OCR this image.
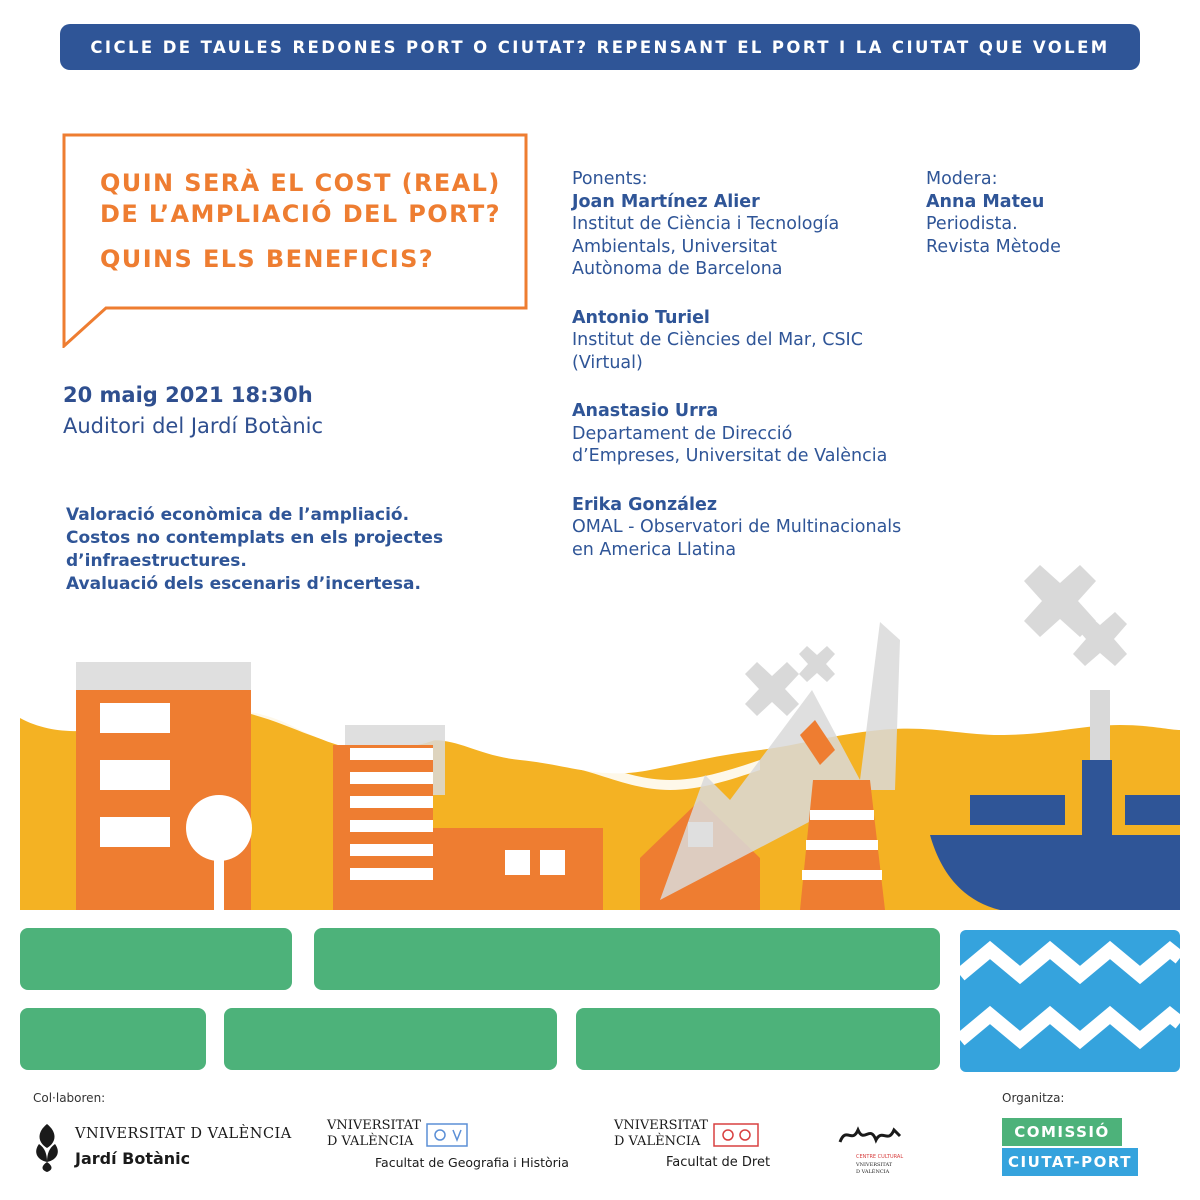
CICLE DE TAULES REDONES PORT O CIUTAT? REPENSANT EL PORT I LA CIUTAT QUE VOLEM
QUIN SERÀ EL COST (REAL)
DE L’AMPLIACIÓ DEL PORT?
QUINS ELS BENEFICIS?
20 maig 2021 18:30h
Auditori del Jardí Botànic
Valoració econòmica de l’ampliació.
Costos no contemplats en els projectes
d’infraestructures.
Avaluació dels escenaris d’incertesa.
Ponents:
Joan Martínez Alier
Institut de Ciència i Tecnología
Ambientals, Universitat
Autònoma de Barcelona
Antonio Turiel
Institut de Ciències del Mar, CSIC
(Virtual)
Anastasio Urra
Departament de Direcció
d’Empreses, Universitat de València
Erika González
OMAL - Observatori de Multinacionals
en America Llatina
Modera:
Anna Mateu
Periodista.
Revista Mètode
Col·laboren:	Organitza:
VNIVERSITAT D VALÈNCIA
Jardí Botànic
VNIVERSITAT
D VALÈNCIA
Facultat de Geografia i Història
VNIVERSITAT
D VALÈNCIA
Facultat de Dret	CENTRE CULTURAL
VNIVERSITAT
D VALÈNCIA
COMISSIÓ
CIUTAT-PORT
